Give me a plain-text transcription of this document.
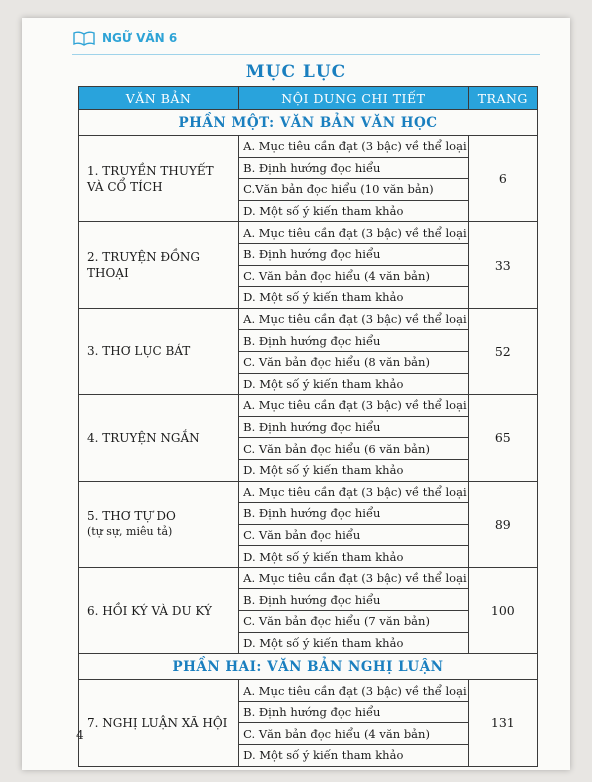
NGỮ VĂN 6
MỤC LỤC
VĂN BẢN	NỘI DUNG CHI TIẾT	TRANG
PHẦN MỘT: VĂN BẢN VĂN HỌC		

1. TRUYỀN THUYẾT
VÀ CỔ TÍCH	A. Mục tiêu cần đạt (3 bậc) về thể loại	6
	B. Định hướng đọc hiểu	
	C.Văn bản đọc hiểu (10 văn bản)	
	D. Một số ý kiến tham khảo	

2. TRUYỆN ĐỒNG THOẠI	A. Mục tiêu cần đạt (3 bậc) về thể loại	33
	B. Định hướng đọc hiểu	
	C. Văn bản đọc hiểu (4 văn bản)	
	D. Một số ý kiến tham khảo	

3. THƠ LỤC BÁT	A. Mục tiêu cần đạt (3 bậc) về thể loại	52
	B. Định hướng đọc hiểu	
	C. Văn bản đọc hiểu (8 văn bản)	
	D. Một số ý kiến tham khảo	

4. TRUYỆN NGẮN	A. Mục tiêu cần đạt (3 bậc) về thể loại	65
	B. Định hướng đọc hiểu	
	C. Văn bản đọc hiểu (6 văn bản)	
	D. Một số ý kiến tham khảo	

5. THƠ TỰ DO
(tự sự, miêu tả)	A. Mục tiêu cần đạt (3 bậc) về thể loại	89
	B. Định hướng đọc hiểu	
	C. Văn bản đọc hiểu	
	D. Một số ý kiến tham khảo	

6. HỒI KÝ VÀ DU KÝ	A. Mục tiêu cần đạt (3 bậc) về thể loại	100
	B. Định hướng đọc hiểu	
	C. Văn bản đọc hiểu (7 văn bản)	
	D. Một số ý kiến tham khảo	
PHẦN HAI: VĂN BẢN NGHỊ LUẬN		

7. NGHỊ LUẬN XÃ HỘI	A. Mục tiêu cần đạt (3 bậc) về thể loại	131
	B. Định hướng đọc hiểu	
	C. Văn bản đọc hiểu (4 văn bản)	
	D. Một số ý kiến tham khảo	
4
